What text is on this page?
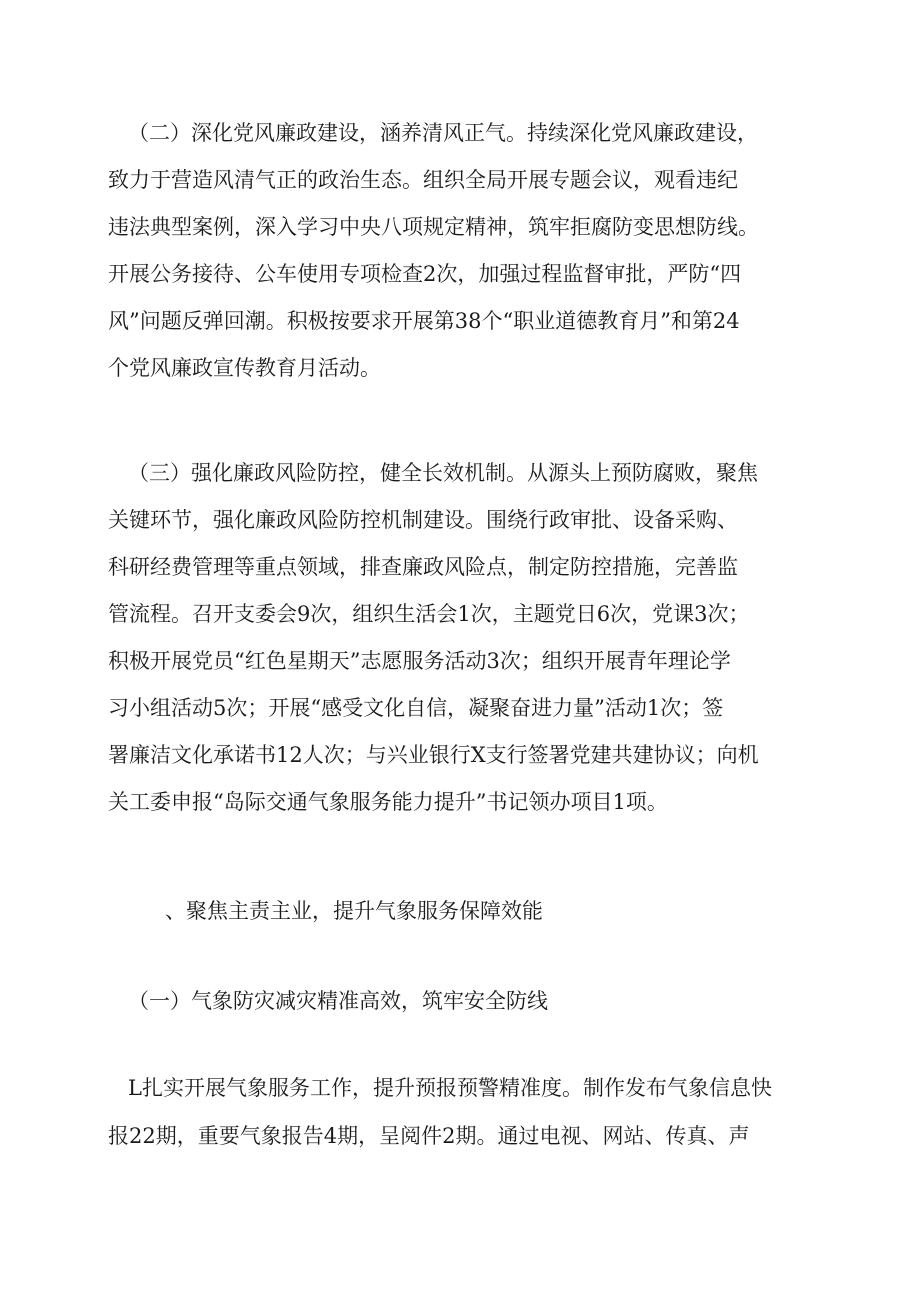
（二）深化党风廉政建设，涵养清风正气。持续深化党风廉政建设，
致力于营造风清气正的政治生态。组织全局开展专题会议，观看违纪
违法典型案例，深入学习中央八项规定精神，筑牢拒腐防变思想防线。
开展公务接待、公车使用专项检查2次，加强过程监督审批，严防“四
风”问题反弹回潮。积极按要求开展第38个“职业道德教育月”和第24
个党风廉政宣传教育月活动。
（三）强化廉政风险防控，健全长效机制。从源头上预防腐败，聚焦
关键环节，强化廉政风险防控机制建设。围绕行政审批、设备采购、
科研经费管理等重点领域，排查廉政风险点，制定防控措施，完善监
管流程。召开支委会9次，组织生活会1次，主题党日6次，党课3次；
积极开展党员“红色星期天”志愿服务活动3次；组织开展青年理论学
习小组活动5次；开展“感受文化自信，凝聚奋进力量”活动1次；签
署廉洁文化承诺书12人次；与兴业银行X支行签署党建共建协议；向机
关工委申报“岛际交通气象服务能力提升”书记领办项目1项。
、聚焦主责主业，提升气象服务保障效能
（一）气象防灾减灾精准高效，筑牢安全防线
L扎实开展气象服务工作，提升预报预警精准度。制作发布气象信息快
报22期，重要气象报告4期，呈阅件2期。通过电视、网站、传真、声
